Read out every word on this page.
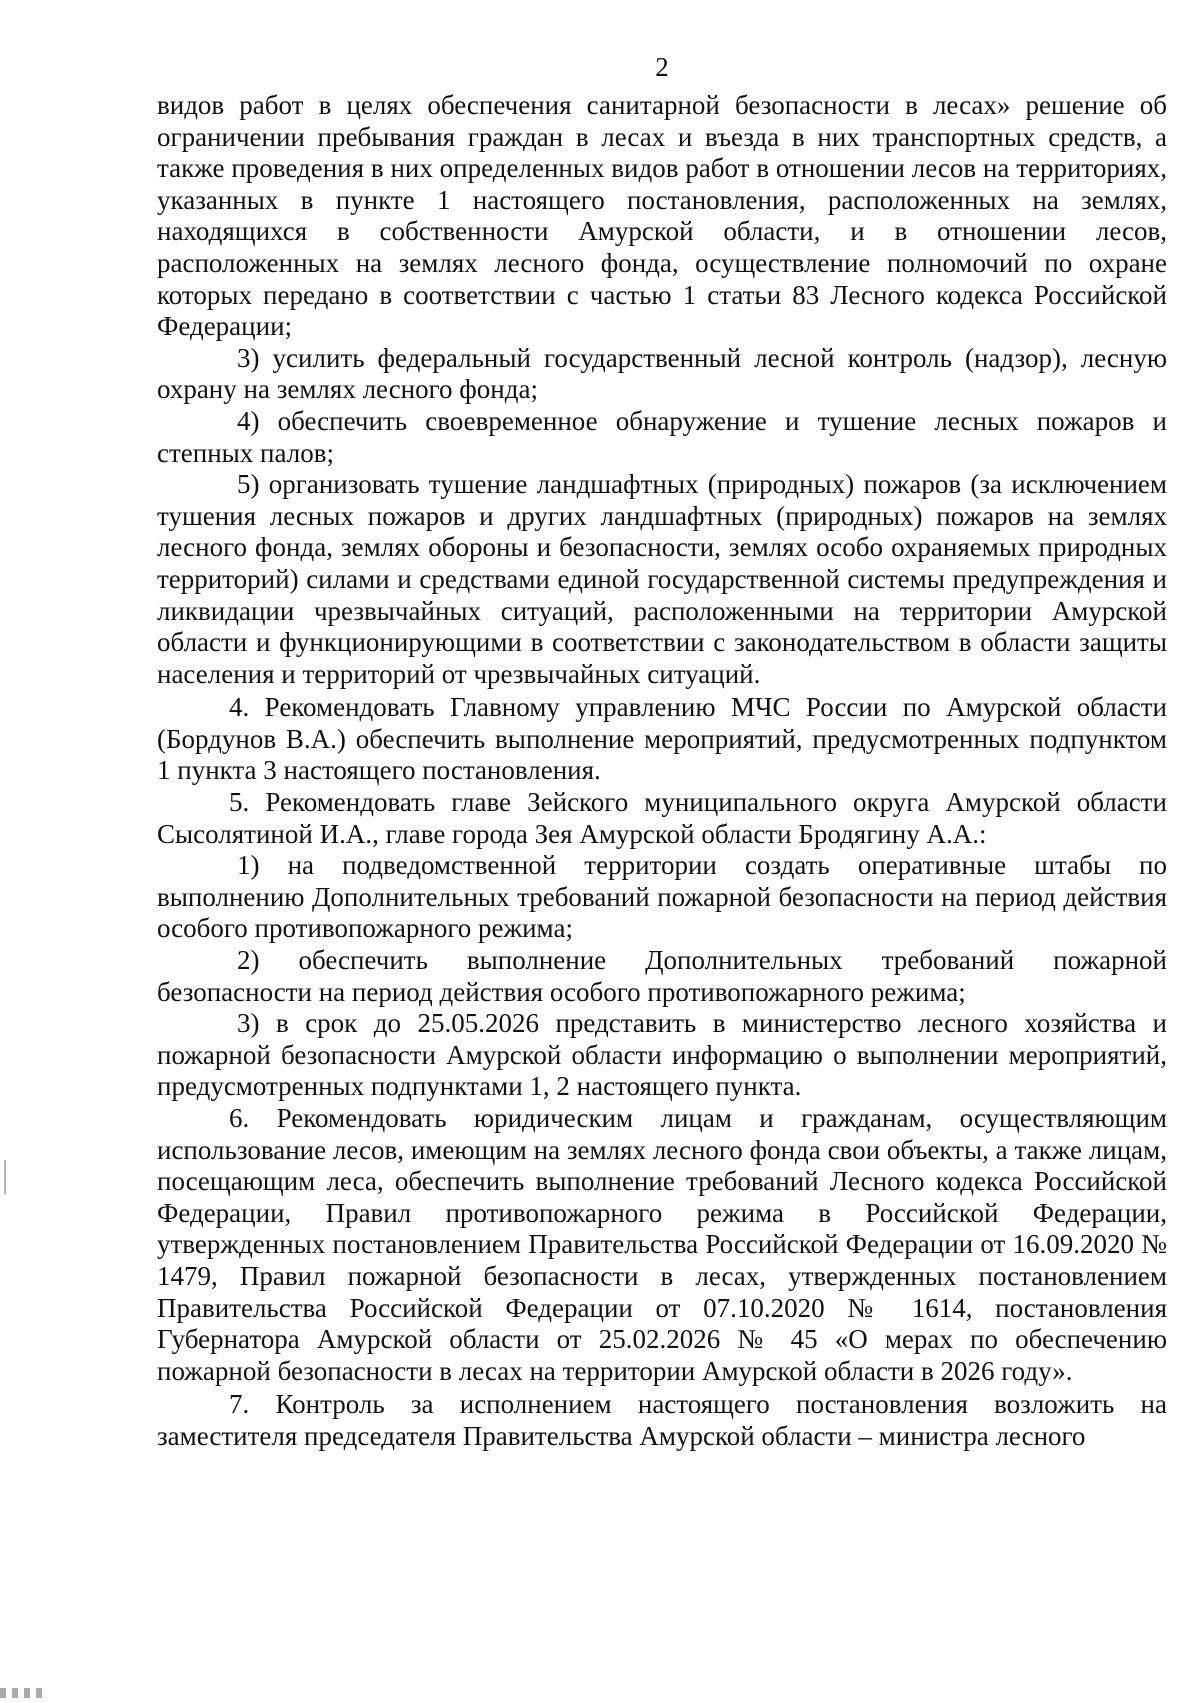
2

видов работ в целях обеспечения санитарной безопасности в лесах» решение об ограничении пребывания граждан в лесах и въезда в них транспортных средств, а также проведения в них определенных видов работ в отношении лесов на территориях, указанных в пункте 1 настоящего постановления, расположенных на землях, находящихся в собственности Амурской области, и в отношении лесов, расположенных на землях лесного фонда, осуществление полномочий по охране которых передано в соответствии с частью 1 статьи 83 Лесного кодекса Российской Федерации;

3) усилить федеральный государственный лесной контроль (надзор), лесную охрану на землях лесного фонда;

4) обеспечить своевременное обнаружение и тушение лесных пожаров и степных палов;

5) организовать тушение ландшафтных (природных) пожаров (за исключением тушения лесных пожаров и других ландшафтных (природных) пожаров на землях лесного фонда, землях обороны и безопасности, землях особо охраняемых природных территорий) силами и средствами единой государственной системы предупреждения и ликвидации чрезвычайных ситуаций, расположенными на территории Амурской области и функционирующими в соответствии с законодательством в области защиты населения и территорий от чрезвычайных ситуаций.

4. Рекомендовать Главному управлению МЧС России по Амурской области (Бордунов В.А.) обеспечить выполнение мероприятий, предусмотренных подпунктом 1 пункта 3 настоящего постановления.

5. Рекомендовать главе Зейского муниципального округа Амурской области Сысолятиной И.А., главе города Зея Амурской области Бродягину А.А.:

1) на подведомственной территории создать оперативные штабы по выполнению Дополнительных требований пожарной безопасности на период действия особого противопожарного режима;

2) обеспечить выполнение Дополнительных требований пожарной безопасности на период действия особого противопожарного режима;

3) в срок до 25.05.2026 представить в министерство лесного хозяйства и пожарной безопасности Амурской области информацию о выполнении мероприятий, предусмотренных подпунктами 1, 2 настоящего пункта.

6. Рекомендовать юридическим лицам и гражданам, осуществляющим использование лесов, имеющим на землях лесного фонда свои объекты, а также лицам, посещающим леса, обеспечить выполнение требований Лесного кодекса Российской Федерации, Правил противопожарного режима в Российской Федерации, утвержденных постановлением Правительства Российской Федерации от 16.09.2020 № 1479, Правил пожарной безопасности в лесах, утвержденных постановлением Правительства Российской Федерации от 07.10.2020 № 1614, постановления Губернатора Амурской области от 25.02.2026 № 45 «О мерах по обеспечению пожарной безопасности в лесах на территории Амурской области в 2026 году».

7. Контроль за исполнением настоящего постановления возложить на заместителя председателя Правительства Амурской области – министра лесного
